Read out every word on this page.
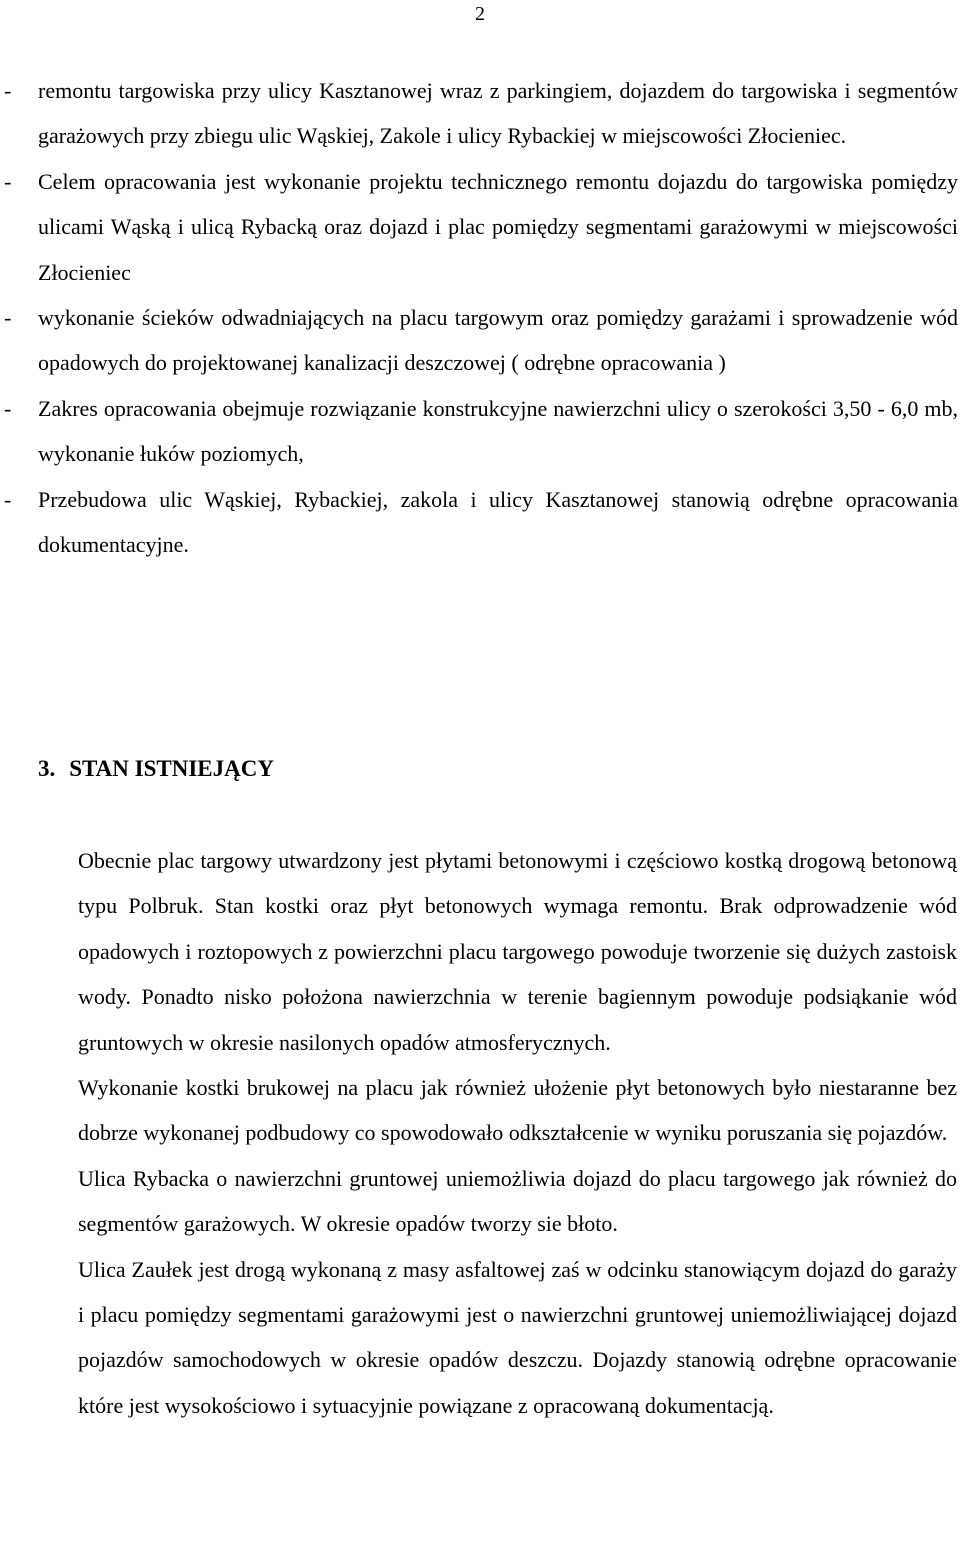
2
- remontu targowiska przy ulicy Kasztanowej wraz z parkingiem, dojazdem do targowiska i segmentów garażowych przy zbiegu ulic Wąskiej, Zakole i ulicy Rybackiej w miejscowości Złocieniec.
- Celem opracowania jest wykonanie projektu technicznego remontu dojazdu do targowiska pomiędzy ulicami Wąską i ulicą Rybacką oraz dojazd i plac pomiędzy segmentami garażowymi w miejscowości Złocieniec
- wykonanie ścieków odwadniających na placu targowym oraz pomiędzy garażami i sprowadzenie wód opadowych do projektowanej kanalizacji deszczowej ( odrębne opracowania )
- Zakres opracowania obejmuje rozwiązanie konstrukcyjne nawierzchni ulicy o szerokości 3,50 - 6,0 mb, wykonanie łuków poziomych,
- Przebudowa ulic Wąskiej, Rybackiej, zakola i ulicy Kasztanowej stanowią odrębne opracowania dokumentacyjne.
3. STAN ISTNIEJĄCY

Obecnie plac targowy utwardzony jest płytami betonowymi i częściowo kostką drogową betonową typu Polbruk. Stan kostki oraz płyt betonowych wymaga remontu. Brak odprowadzenie wód opadowych i roztopowych z powierzchni placu targowego powoduje tworzenie się dużych zastoisk wody. Ponadto nisko położona nawierzchnia w terenie bagiennym powoduje podsiąkanie wód gruntowych w okresie nasilonych opadów atmosferycznych.

Wykonanie kostki brukowej na placu jak również ułożenie płyt betonowych było niestaranne bez dobrze wykonanej podbudowy co spowodowało odkształcenie w wyniku poruszania się pojazdów.

Ulica Rybacka o nawierzchni gruntowej uniemożliwia dojazd do placu targowego jak również do segmentów garażowych. W okresie opadów tworzy sie błoto.

Ulica Zaułek jest drogą wykonaną z masy asfaltowej zaś w odcinku stanowiącym dojazd do garaży i placu pomiędzy segmentami garażowymi jest o nawierzchni gruntowej uniemożliwiającej dojazd pojazdów samochodowych w okresie opadów deszczu. Dojazdy stanowią odrębne opracowanie które jest wysokościowo i sytuacyjnie powiązane z opracowaną dokumentacją.
